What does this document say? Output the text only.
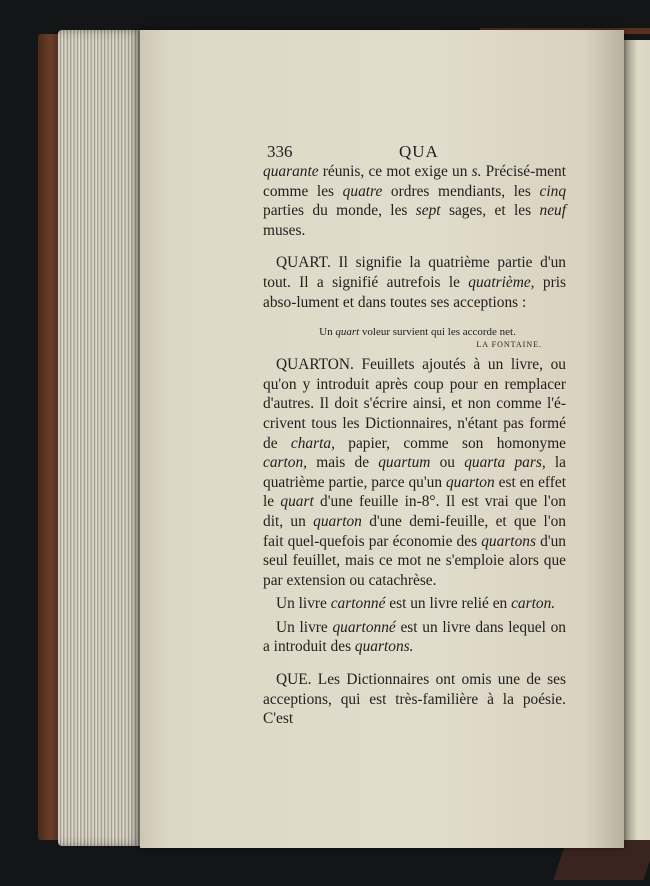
336	QUA

quarante réunis, ce mot exige un s. Précisé-ment comme les quatre ordres mendiants, les cinq parties du monde, les sept sages, et les neuf muses.

QUART. Il signifie la quatrième partie d'un tout. Il a signifié autrefois le quatrième, pris abso-lument et dans toutes ses acceptions :

Un quart voleur survient qui les accorde net.

LA FONTAINE.

QUARTON. Feuillets ajoutés à un livre, ou qu'on y introduit après coup pour en remplacer d'autres. Il doit s'écrire ainsi, et non comme l'é-crivent tous les Dictionnaires, n'étant pas formé de charta, papier, comme son homonyme carton, mais de quartum ou quarta pars, la quatrième partie, parce qu'un quarton est en effet le quart d'une feuille in-8°. Il est vrai que l'on dit, un quarton d'une demi-feuille, et que l'on fait quel-quefois par économie des quartons d'un seul feuillet, mais ce mot ne s'emploie alors que par extension ou catachrèse.

Un livre cartonné est un livre relié en carton.

Un livre quartonné est un livre dans lequel on a introduit des quartons.

QUE. Les Dictionnaires ont omis une de ses acceptions, qui est très-familière à la poésie. C'est
